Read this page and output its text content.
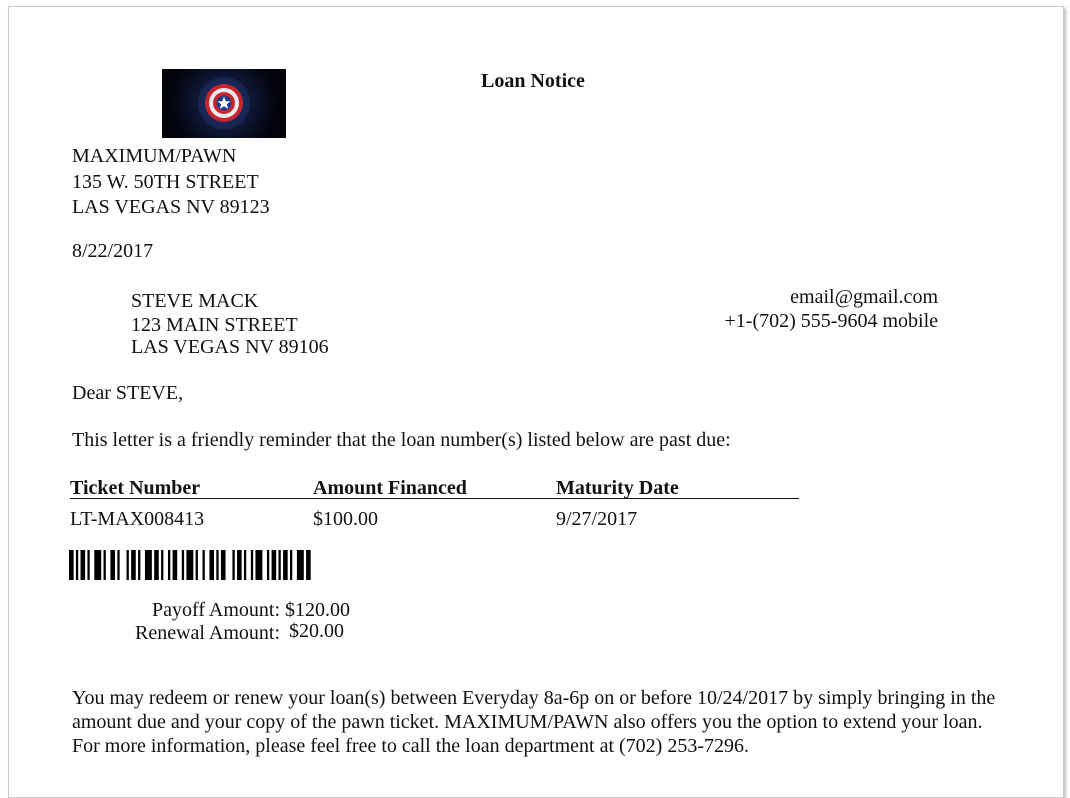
Loan Notice
MAXIMUM/PAWN
135 W. 50TH STREET
LAS VEGAS NV 89123
8/22/2017
STEVE MACK
123 MAIN STREET
LAS VEGAS NV 89106
email@gmail.com
+1-(702) 555-9604 mobile
Dear STEVE,
This letter is a friendly reminder that the loan number(s) listed below are past due:
Ticket Number	Amount Financed	Maturity Date
LT-MAX008413	$100.00	9/27/2017
Payoff Amount: $120.00
Renewal Amount: $20.00
You may redeem or renew your loan(s) between Everyday 8a-6p on or before 10/24/2017 by simply bringing in the amount due and your copy of the pawn ticket. MAXIMUM/PAWN also offers you the option to extend your loan. For more information, please feel free to call the loan department at (702) 253-7296.
